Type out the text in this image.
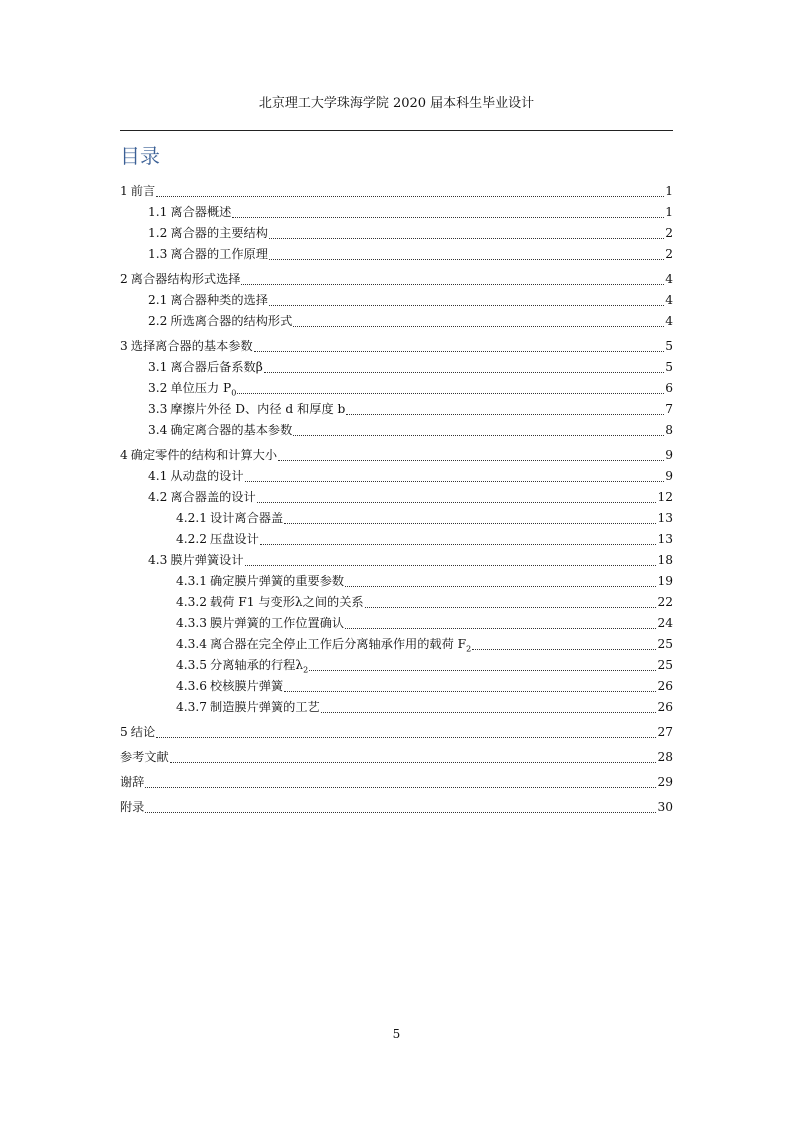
北京理工大学珠海学院 2020 届本科生毕业设计
目录
1 前言	1
1.1 离合器概述	1
1.2 离合器的主要结构	2
1.3 离合器的工作原理	2
2 离合器结构形式选择	4
2.1 离合器种类的选择	4
2.2 所选离合器的结构形式	4
3 选择离合器的基本参数	5
3.1 离合器后备系数β	5
3.2 单位压力 $P_0$	6
3.3 摩擦片外径 D、内径 d 和厚度 b	7
3.4 确定离合器的基本参数	8
4 确定零件的结构和计算大小	9
4.1 从动盘的设计	9
4.2 离合器盖的设计	12
4.2.1 设计离合器盖	13
4.2.2 压盘设计	13
4.3 膜片弹簧设计	18
4.3.1 确定膜片弹簧的重要参数	19
4.3.2 载荷 F1 与变形λ之间的关系	22
4.3.3 膜片弹簧的工作位置确认	24
4.3.4 离合器在完全停止工作后分离轴承作用的载荷 $F_2$	25
4.3.5 分离轴承的行程$\lambda_2$	25
4.3.6 校核膜片弹簧	26
4.3.7 制造膜片弹簧的工艺	26
5 结论	27
参考文献	28
谢辞	29
附录	30
5
